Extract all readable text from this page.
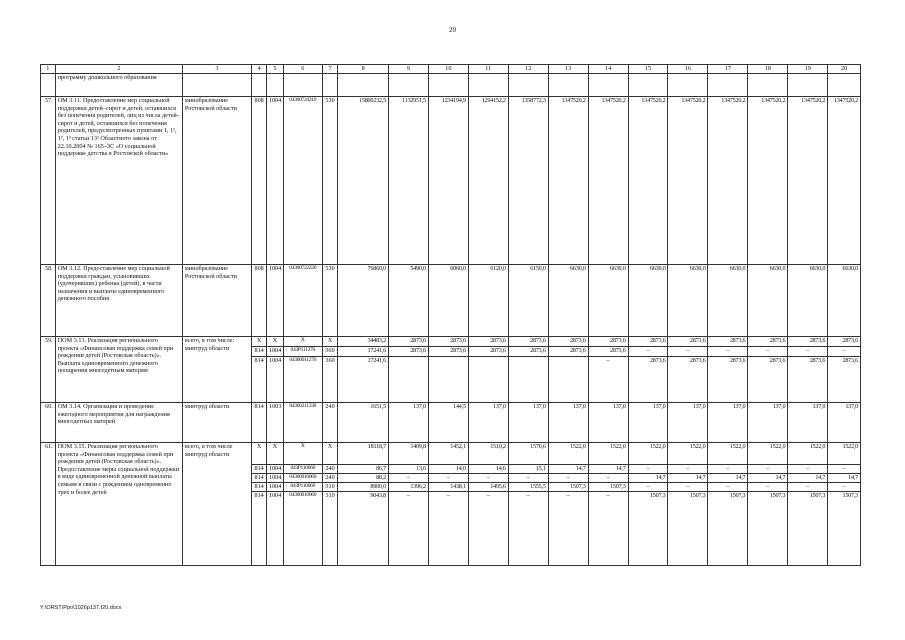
20
1	2	3	4	5	6	7	8	9	10	11	12	13	14	15	16	17	18	19	20
	программу дошкольного образования																		
57.	ОМ 3.11. Предоставление мер социальной поддержки детей–сирот и детей, оставшихся без попечения родителей, лиц из числа детей–сирот и детей, оставшихся без попечения родителей, предусмотренных пунктами 1, 1¹, 1², 1³ статьи 13² Областного закона от 22.10.2004 № 165–ЗС «О социальной поддержке детства в Ростовской области»	минобразование Ростовской области	808	1004	04300724210	530	15800232,5	1132951,5	1234194,9	1294152,2	1358772,3	1347520,2	1347520,2	1347520,2	1347520,2	1347520,2	1347520,2	1347520,2	1347520,2
58.	ОМ 3.12. Предоставление мер социальной поддержки граждан, усыновивших (удочеривших) ребенка (детей), в части назначения и выплаты единовременного денежного пособия	минобразование Ростовской области	808	1004	04300722220	530	76860,0	5490,0	6060,0	6120,0	6150,0	6630,0	6630,0	6630,0	6630,0	6630,0	6630,0	6630,0	6630,0
59.	ПОМ 3.13. Реализация регионального проекта «Финансовая поддержка семей при рождении детей (Ростовская область)». Выплата единовременного денежного поощрения многодетным матерям	всего, в том числе: минтруд области	Х	Х	Х	Х	34483,2	2873,6	2873,6	2873,6	2873,6	2873,6	2873,6	2873,6	2873,6	2873,6	2873,6	2873,6	2873,6
			814	1004	043P111270	360	17241,6	2873,6	2873,6	2873,6	2873,6	2873,6	2873,6	–	–	–	–	–	–
			814	1004	04300011270	360	17241,6						–	2873,6	2873,6	2873,6	2873,6	2873,6	2873,6
60.	ОМ 3.14. Организация и проведение ежегодного мероприятия для награждения многодетных матерей	минтруд области	814	1003	04300211330	240	1651,5	137,0	144,5	137,0	137,0	137,0	137,0	137,0	137,0	137,0	137,0	137,0	137,0
61.	ПОМ 3.15. Реализация регионального проекта «Финансовая поддержка семей при рождении детей (Ростовская область)». Предоставление меры социальной поддержки в виде единовременной денежной выплаты семьям в связи с рождением одновременно трех и более детей	всего, в том числе минтруд области	Х	Х	Х	Х	18118,7	1409,8	1452,1	1510,2	1570,6	1522,0	1522,0	1522,0	1522,0	1522,0	1522,0	1522,0	1522,0
			814	1004	043P110060	240	86,7	13,6	14,0	14,6	15,1	14,7	14,7	–	–	–	–	–	–
			814	1004	04300010060	240	88,2	–	–	–	–	–	–	14,7	14,7	14,7	14,7	14,7	14,7
			814	1004	043P110060	310	8900,0	1396,2	1438,1	1495,6	1555,5	1507,3	1507,3	–	–	–	–	–	–
			814	1004	04300010060	310	9043,8	–	–	–	–	–	–	1507,3	1507,3	1507,3	1507,3	1507,3	1507,3
Y:\ORST\Ppo\1026p137.f20.docx
